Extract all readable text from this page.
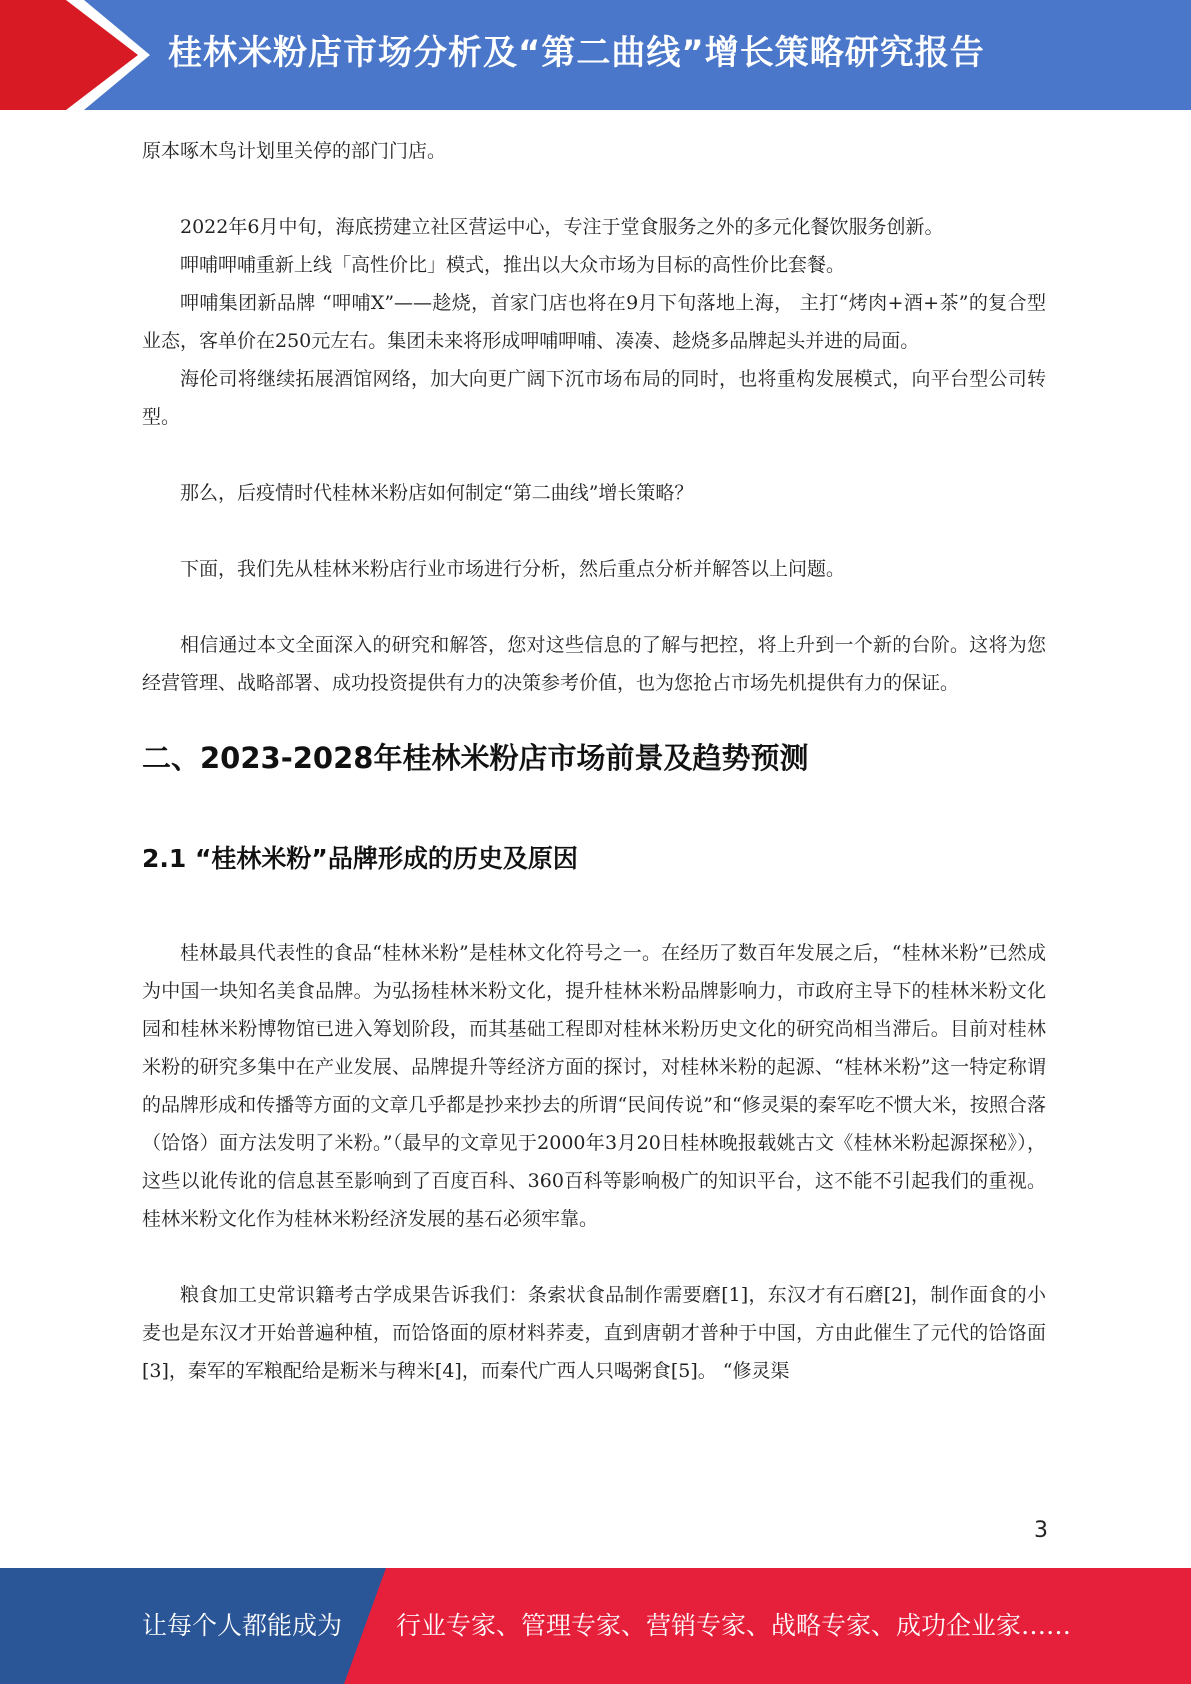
桂林米粉店市场分析及“第二曲线”增长策略研究报告

原本啄木鸟计划里关停的部门门店。

2022年6月中旬，海底捞建立社区营运中心，专注于堂食服务之外的多元化餐饮服务创新。

呷哺呷哺重新上线「高性价比」模式，推出以大众市场为目标的高性价比套餐。

呷哺集团新品牌 “呷哺X”——趁烧，首家门店也将在9月下旬落地上海， 主打“烤肉+酒+茶”的复合型业态，客单价在250元左右。集团未来将形成呷哺呷哺、凑凑、趁烧多品牌起头并进的局面。

海伦司将继续拓展酒馆网络，加大向更广阔下沉市场布局的同时，也将重构发展模式，向平台型公司转型。

那么，后疫情时代桂林米粉店如何制定“第二曲线”增长策略？

下面，我们先从桂林米粉店行业市场进行分析，然后重点分析并解答以上问题。

相信通过本文全面深入的研究和解答，您对这些信息的了解与把控，将上升到一个新的台阶。这将为您经营管理、战略部署、成功投资提供有力的决策参考价值，也为您抢占市场先机提供有力的保证。

二、2023-2028年桂林米粉店市场前景及趋势预测
2.1 “桂林米粉”品牌形成的历史及原因

桂林最具代表性的食品“桂林米粉”是桂林文化符号之一。在经历了数百年发展之后，“桂林米粉”已然成为中国一块知名美食品牌。为弘扬桂林米粉文化，提升桂林米粉品牌影响力，市政府主导下的桂林米粉文化园和桂林米粉博物馆已进入筹划阶段，而其基础工程即对桂林米粉历史文化的研究尚相当滞后。目前对桂林米粉的研究多集中在产业发展、品牌提升等经济方面的探讨，对桂林米粉的起源、“桂林米粉”这一特定称谓的品牌形成和传播等方面的文章几乎都是抄来抄去的所谓“民间传说”和“修灵渠的秦军吃不惯大米，按照合落（饸饹）面方法发明了米粉。”（最早的文章见于2000年3月20日桂林晚报载姚古文《桂林米粉起源探秘》），这些以讹传讹的信息甚至影响到了百度百科、360百科等影响极广的知识平台，这不能不引起我们的重视。桂林米粉文化作为桂林米粉经济发展的基石必须牢靠。

粮食加工史常识籍考古学成果告诉我们：条索状食品制作需要磨[1]，东汉才有石磨[2]，制作面食的小麦也是东汉才开始普遍种植，而饸饹面的原材料荞麦，直到唐朝才普种于中国，方由此催生了元代的饸饹面[3]，秦军的军粮配给是粝米与稗米[4]，而秦代广西人只喝粥食[5]。 “修灵渠

3
让每个人都能成为 行业专家、管理专家、营销专家、战略专家、成功企业家……
